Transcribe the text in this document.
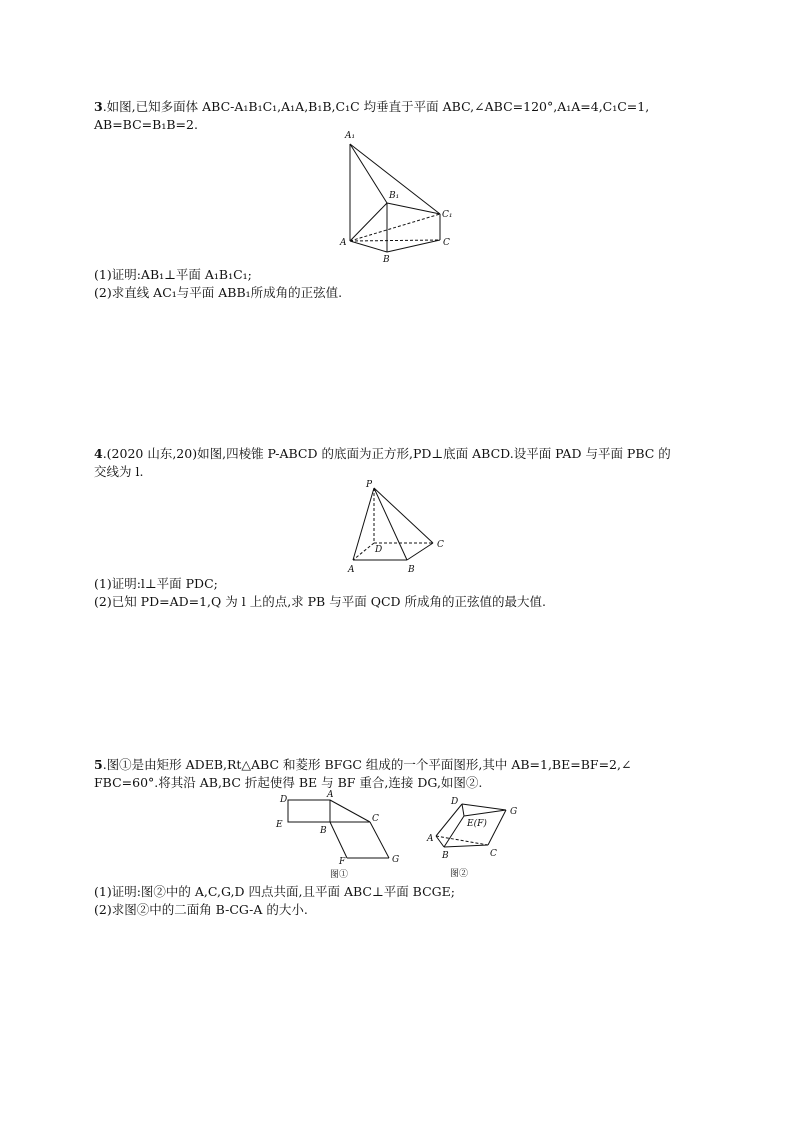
3.如图,已知多面体 ABC-A₁B₁C₁,A₁A,B₁B,C₁C 均垂直于平面 ABC,∠ABC=120°,A₁A=4,C₁C=1,
AB=BC=B₁B=2.
A₁
B₁
C₁
A
B
C
(1)证明:AB₁⊥平面 A₁B₁C₁;
(2)求直线 AC₁与平面 ABB₁所成角的正弦值.
4.(2020 山东,20)如图,四棱锥 P-ABCD 的底面为正方形,PD⊥底面 ABCD.设平面 PAD 与平面 PBC 的
交线为 l.
P
D	C
A	B
(1)证明:l⊥平面 PDC;
(2)已知 PD=AD=1,Q 为 l 上的点,求 PB 与平面 QCD 所成角的正弦值的最大值.
5.图①是由矩形 ADEB,Rt△ABC 和菱形 BFGC 组成的一个平面图形,其中 AB=1,BE=BF=2,∠
FBC=60°.将其沿 AB,BC 折起使得 BE 与 BF 重合,连接 DG,如图②.
D	A
E
B
C
F	G
图①
D
G
E(F)
A
B	C
图②
(1)证明:图②中的 A,C,G,D 四点共面,且平面 ABC⊥平面 BCGE;
(2)求图②中的二面角 B-CG-A 的大小.
